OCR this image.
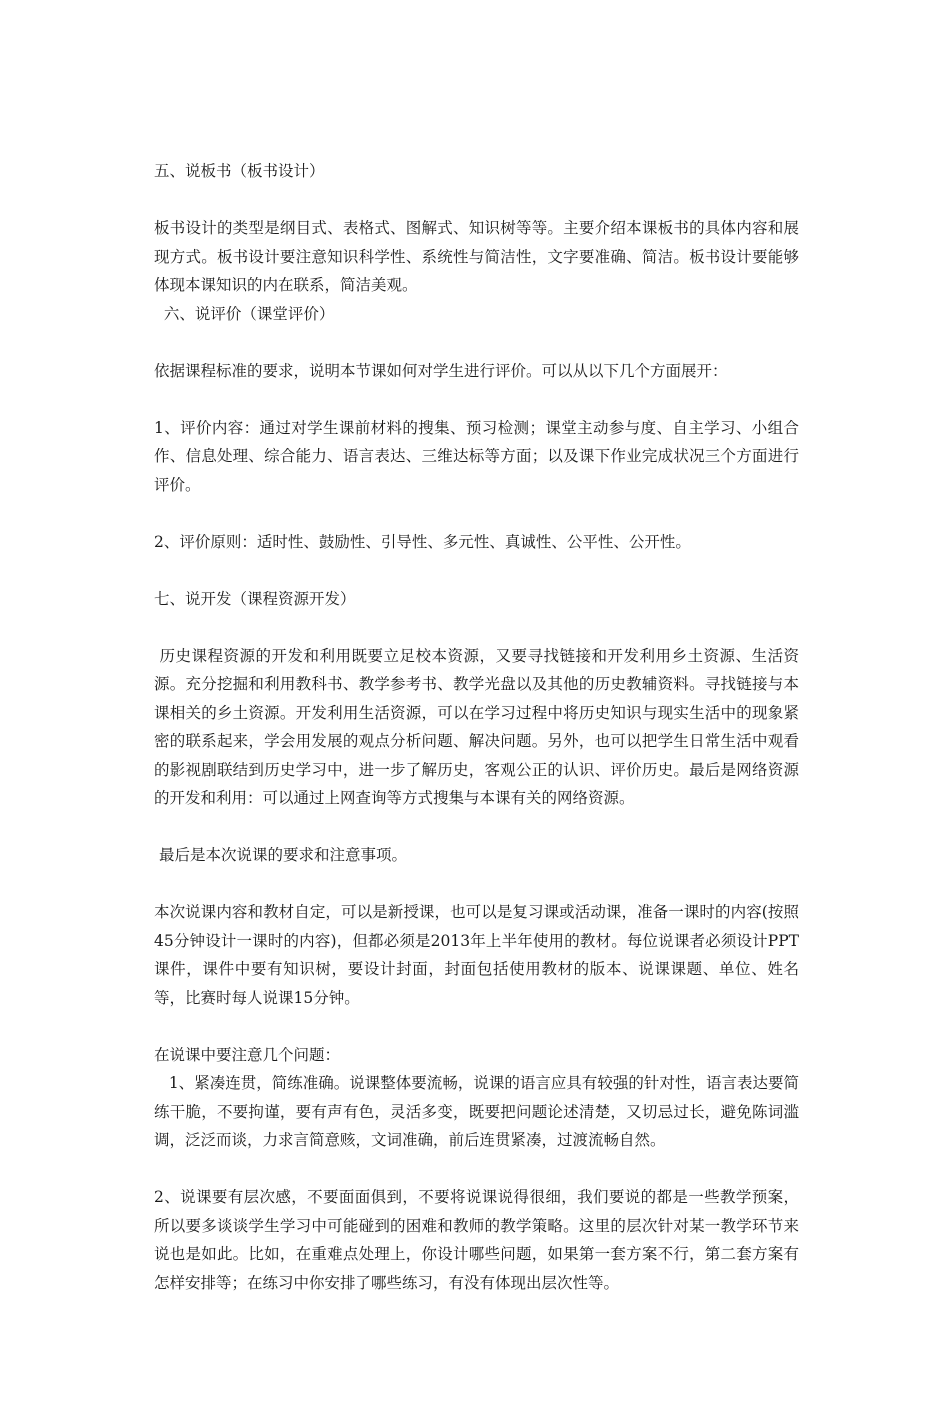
五、说板书（板书设计）

板书设计的类型是纲目式、表格式、图解式、知识树等等。主要介绍本课板书的具体内容和展现方式。板书设计要注意知识科学性、系统性与简洁性，文字要准确、简洁。板书设计要能够体现本课知识的内在联系，简洁美观。

六、说评价（课堂评价）

依据课程标准的要求，说明本节课如何对学生进行评价。可以从以下几个方面展开：

1、评价内容：通过对学生课前材料的搜集、预习检测；课堂主动参与度、自主学习、小组合作、信息处理、综合能力、语言表达、三维达标等方面；以及课下作业完成状况三个方面进行评价。

2、评价原则：适时性、鼓励性、引导性、多元性、真诚性、公平性、公开性。

七、说开发（课程资源开发）

历史课程资源的开发和利用既要立足校本资源，又要寻找链接和开发利用乡土资源、生活资源。充分挖掘和利用教科书、教学参考书、教学光盘以及其他的历史教辅资料。寻找链接与本课相关的乡土资源。开发利用生活资源，可以在学习过程中将历史知识与现实生活中的现象紧密的联系起来，学会用发展的观点分析问题、解决问题。另外，也可以把学生日常生活中观看的影视剧联结到历史学习中，进一步了解历史，客观公正的认识、评价历史。最后是网络资源的开发和利用：可以通过上网查询等方式搜集与本课有关的网络资源。

最后是本次说课的要求和注意事项。

本次说课内容和教材自定，可以是新授课，也可以是复习课或活动课，准备一课时的内容(按照45分钟设计一课时的内容)，但都必须是2013年上半年使用的教材。每位说课者必须设计PPT课件，课件中要有知识树，要设计封面，封面包括使用教材的版本、说课课题、单位、姓名等，比赛时每人说课15分钟。

在说课中要注意几个问题：

1、紧凑连贯，简练准确。说课整体要流畅，说课的语言应具有较强的针对性，语言表达要简练干脆，不要拘谨，要有声有色，灵活多变，既要把问题论述清楚，又切忌过长，避免陈词滥调，泛泛而谈，力求言简意赅，文词准确，前后连贯紧凑，过渡流畅自然。

2、说课要有层次感，不要面面俱到，不要将说课说得很细，我们要说的都是一些教学预案，所以要多谈谈学生学习中可能碰到的困难和教师的教学策略。这里的层次针对某一教学环节来说也是如此。比如，在重难点处理上，你设计哪些问题，如果第一套方案不行，第二套方案有怎样安排等；在练习中你安排了哪些练习，有没有体现出层次性等。
